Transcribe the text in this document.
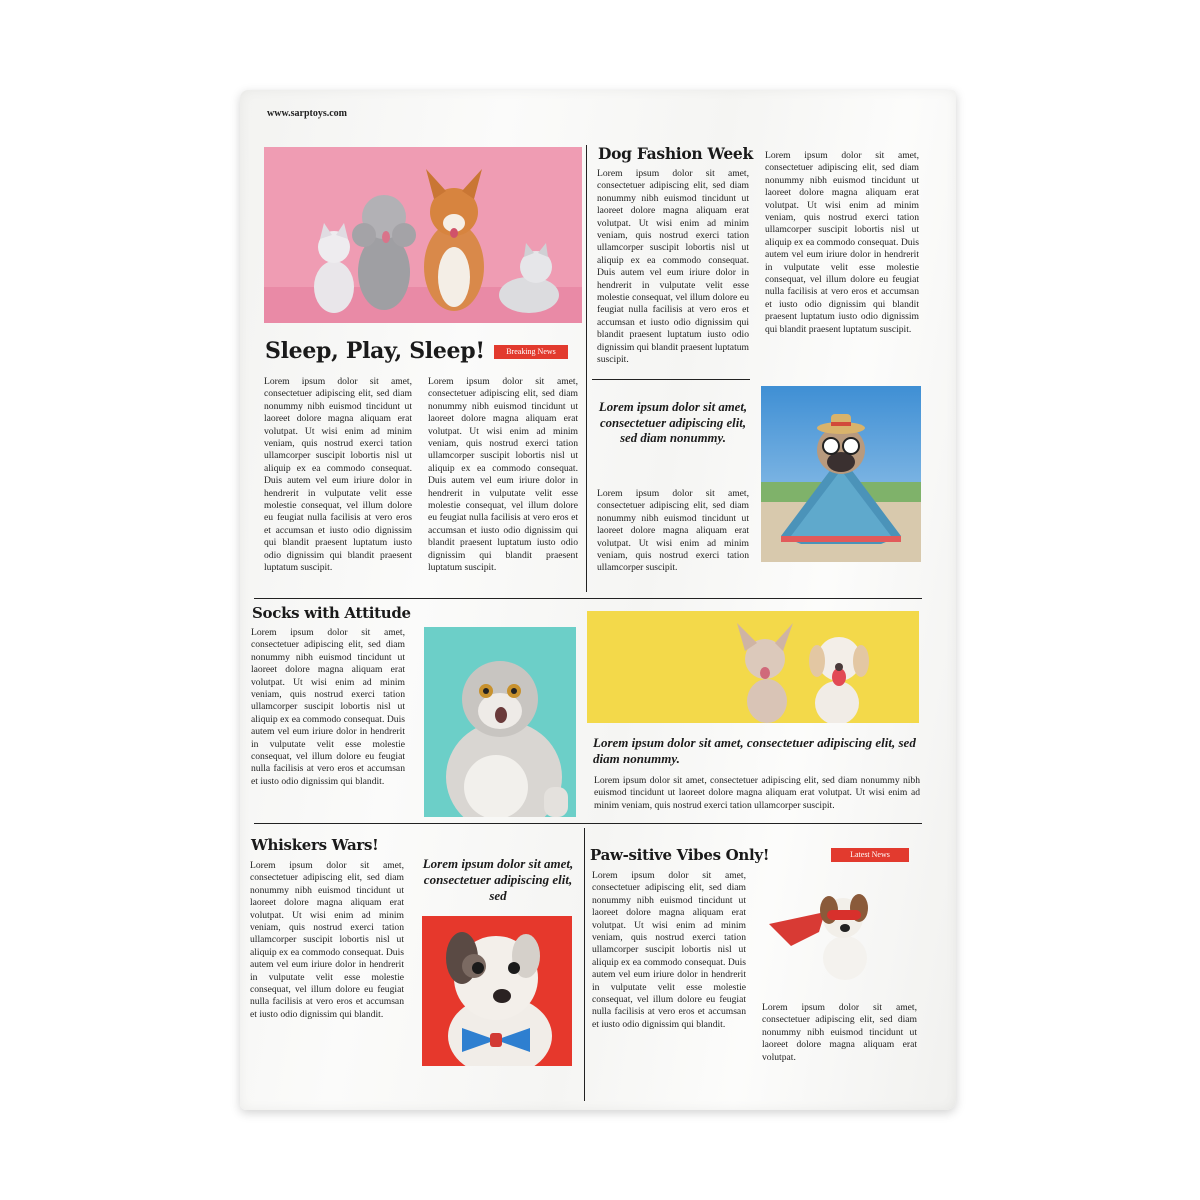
www.sarptoys.com
Sleep, Play, Sleep!	Breaking News

Lorem ipsum dolor sit amet, consectetuer adipiscing elit, sed diam nonummy nibh euismod tincidunt ut laoreet dolore magna aliquam erat volutpat. Ut wisi enim ad minim veniam, quis nostrud exerci tation ullamcorper suscipit lobortis nisl ut aliquip ex ea commodo consequat. Duis autem vel eum iriure dolor in hendrerit in vulputate velit esse molestie consequat, vel illum dolore eu feugiat nulla facilisis at vero eros et accumsan et iusto odio dignissim qui blandit praesent luptatum iusto odio dignissim qui blandit praesent luptatum suscipit.

Lorem ipsum dolor sit amet, consectetuer adipiscing elit, sed diam nonummy nibh euismod tincidunt ut laoreet dolore magna aliquam erat volutpat. Ut wisi enim ad minim veniam, quis nostrud exerci tation ullamcorper suscipit lobortis nisl ut aliquip ex ea commodo consequat. Duis autem vel eum iriure dolor in hendrerit in vulputate velit esse molestie consequat, vel illum dolore eu feugiat nulla facilisis at vero eros et accumsan et iusto odio dignissim qui blandit praesent luptatum iusto odio dignissim qui blandit praesent luptatum suscipit.

Dog Fashion Week

Lorem ipsum dolor sit amet, consectetuer adipiscing elit, sed diam nonummy nibh euismod tincidunt ut laoreet dolore magna aliquam erat volutpat. Ut wisi enim ad minim veniam, quis nostrud exerci tation ullamcorper suscipit lobortis nisl ut aliquip ex ea commodo consequat. Duis autem vel eum iriure dolor in hendrerit in vulputate velit esse molestie consequat, vel illum dolore eu feugiat nulla facilisis at vero eros et accumsan et iusto odio dignissim qui blandit praesent luptatum iusto odio dignissim qui blandit praesent luptatum suscipit.

Lorem ipsum dolor sit amet, consectetuer adipiscing elit, sed diam nonummy nibh euismod tincidunt ut laoreet dolore magna aliquam erat volutpat. Ut wisi enim ad minim veniam, quis nostrud exerci tation ullamcorper suscipit lobortis nisl ut aliquip ex ea commodo consequat. Duis autem vel eum iriure dolor in hendrerit in vulputate velit esse molestie consequat, vel illum dolore eu feugiat nulla facilisis at vero eros et accumsan et iusto odio dignissim qui blandit praesent luptatum iusto odio dignissim qui blandit praesent luptatum suscipit.

Lorem ipsum dolor sit amet, consectetuer adipiscing elit, sed diam nonummy.

Lorem ipsum dolor sit amet, consectetuer adipiscing elit, sed diam nonummy nibh euismod tincidunt ut laoreet dolore magna aliquam erat volutpat. Ut wisi enim ad minim veniam, quis nostrud exerci tation ullamcorper suscipit.

Socks with Attitude

Lorem ipsum dolor sit amet, consectetuer adipiscing elit, sed diam nonummy nibh euismod tincidunt ut laoreet dolore magna aliquam erat volutpat. Ut wisi enim ad minim veniam, quis nostrud exerci tation ullamcorper suscipit lobortis nisl ut aliquip ex ea commodo consequat. Duis autem vel eum iriure dolor in hendrerit in vulputate velit esse molestie consequat, vel illum dolore eu feugiat nulla facilisis at vero eros et accumsan et iusto odio dignissim qui blandit.

Lorem ipsum dolor sit amet, consectetuer adipiscing elit, sed diam nonummy.

Lorem ipsum dolor sit amet, consectetuer adipiscing elit, sed diam nonummy nibh euismod tincidunt ut laoreet dolore magna aliquam erat volutpat. Ut wisi enim ad minim veniam, quis nostrud exerci tation ullamcorper suscipit.

Whiskers Wars!

Lorem ipsum dolor sit amet, consectetuer adipiscing elit, sed diam nonummy nibh euismod tincidunt ut laoreet dolore magna aliquam erat volutpat. Ut wisi enim ad minim veniam, quis nostrud exerci tation ullamcorper suscipit lobortis nisl ut aliquip ex ea commodo consequat. Duis autem vel eum iriure dolor in hendrerit in vulputate velit esse molestie consequat, vel illum dolore eu feugiat nulla facilisis at vero eros et accumsan et iusto odio dignissim qui blandit.

Lorem ipsum dolor sit amet, consectetuer adipiscing elit, sed

Paw-sitive Vibes Only!	Latest News

Lorem ipsum dolor sit amet, consectetuer adipiscing elit, sed diam nonummy nibh euismod tincidunt ut laoreet dolore magna aliquam erat volutpat. Ut wisi enim ad minim veniam, quis nostrud exerci tation ullamcorper suscipit lobortis nisl ut aliquip ex ea commodo consequat. Duis autem vel eum iriure dolor in hendrerit in vulputate velit esse molestie consequat, vel illum dolore eu feugiat nulla facilisis at vero eros et accumsan et iusto odio dignissim qui blandit.

Lorem ipsum dolor sit amet, consectetuer adipiscing elit, sed diam nonummy nibh euismod tincidunt ut laoreet dolore magna aliquam erat volutpat.
